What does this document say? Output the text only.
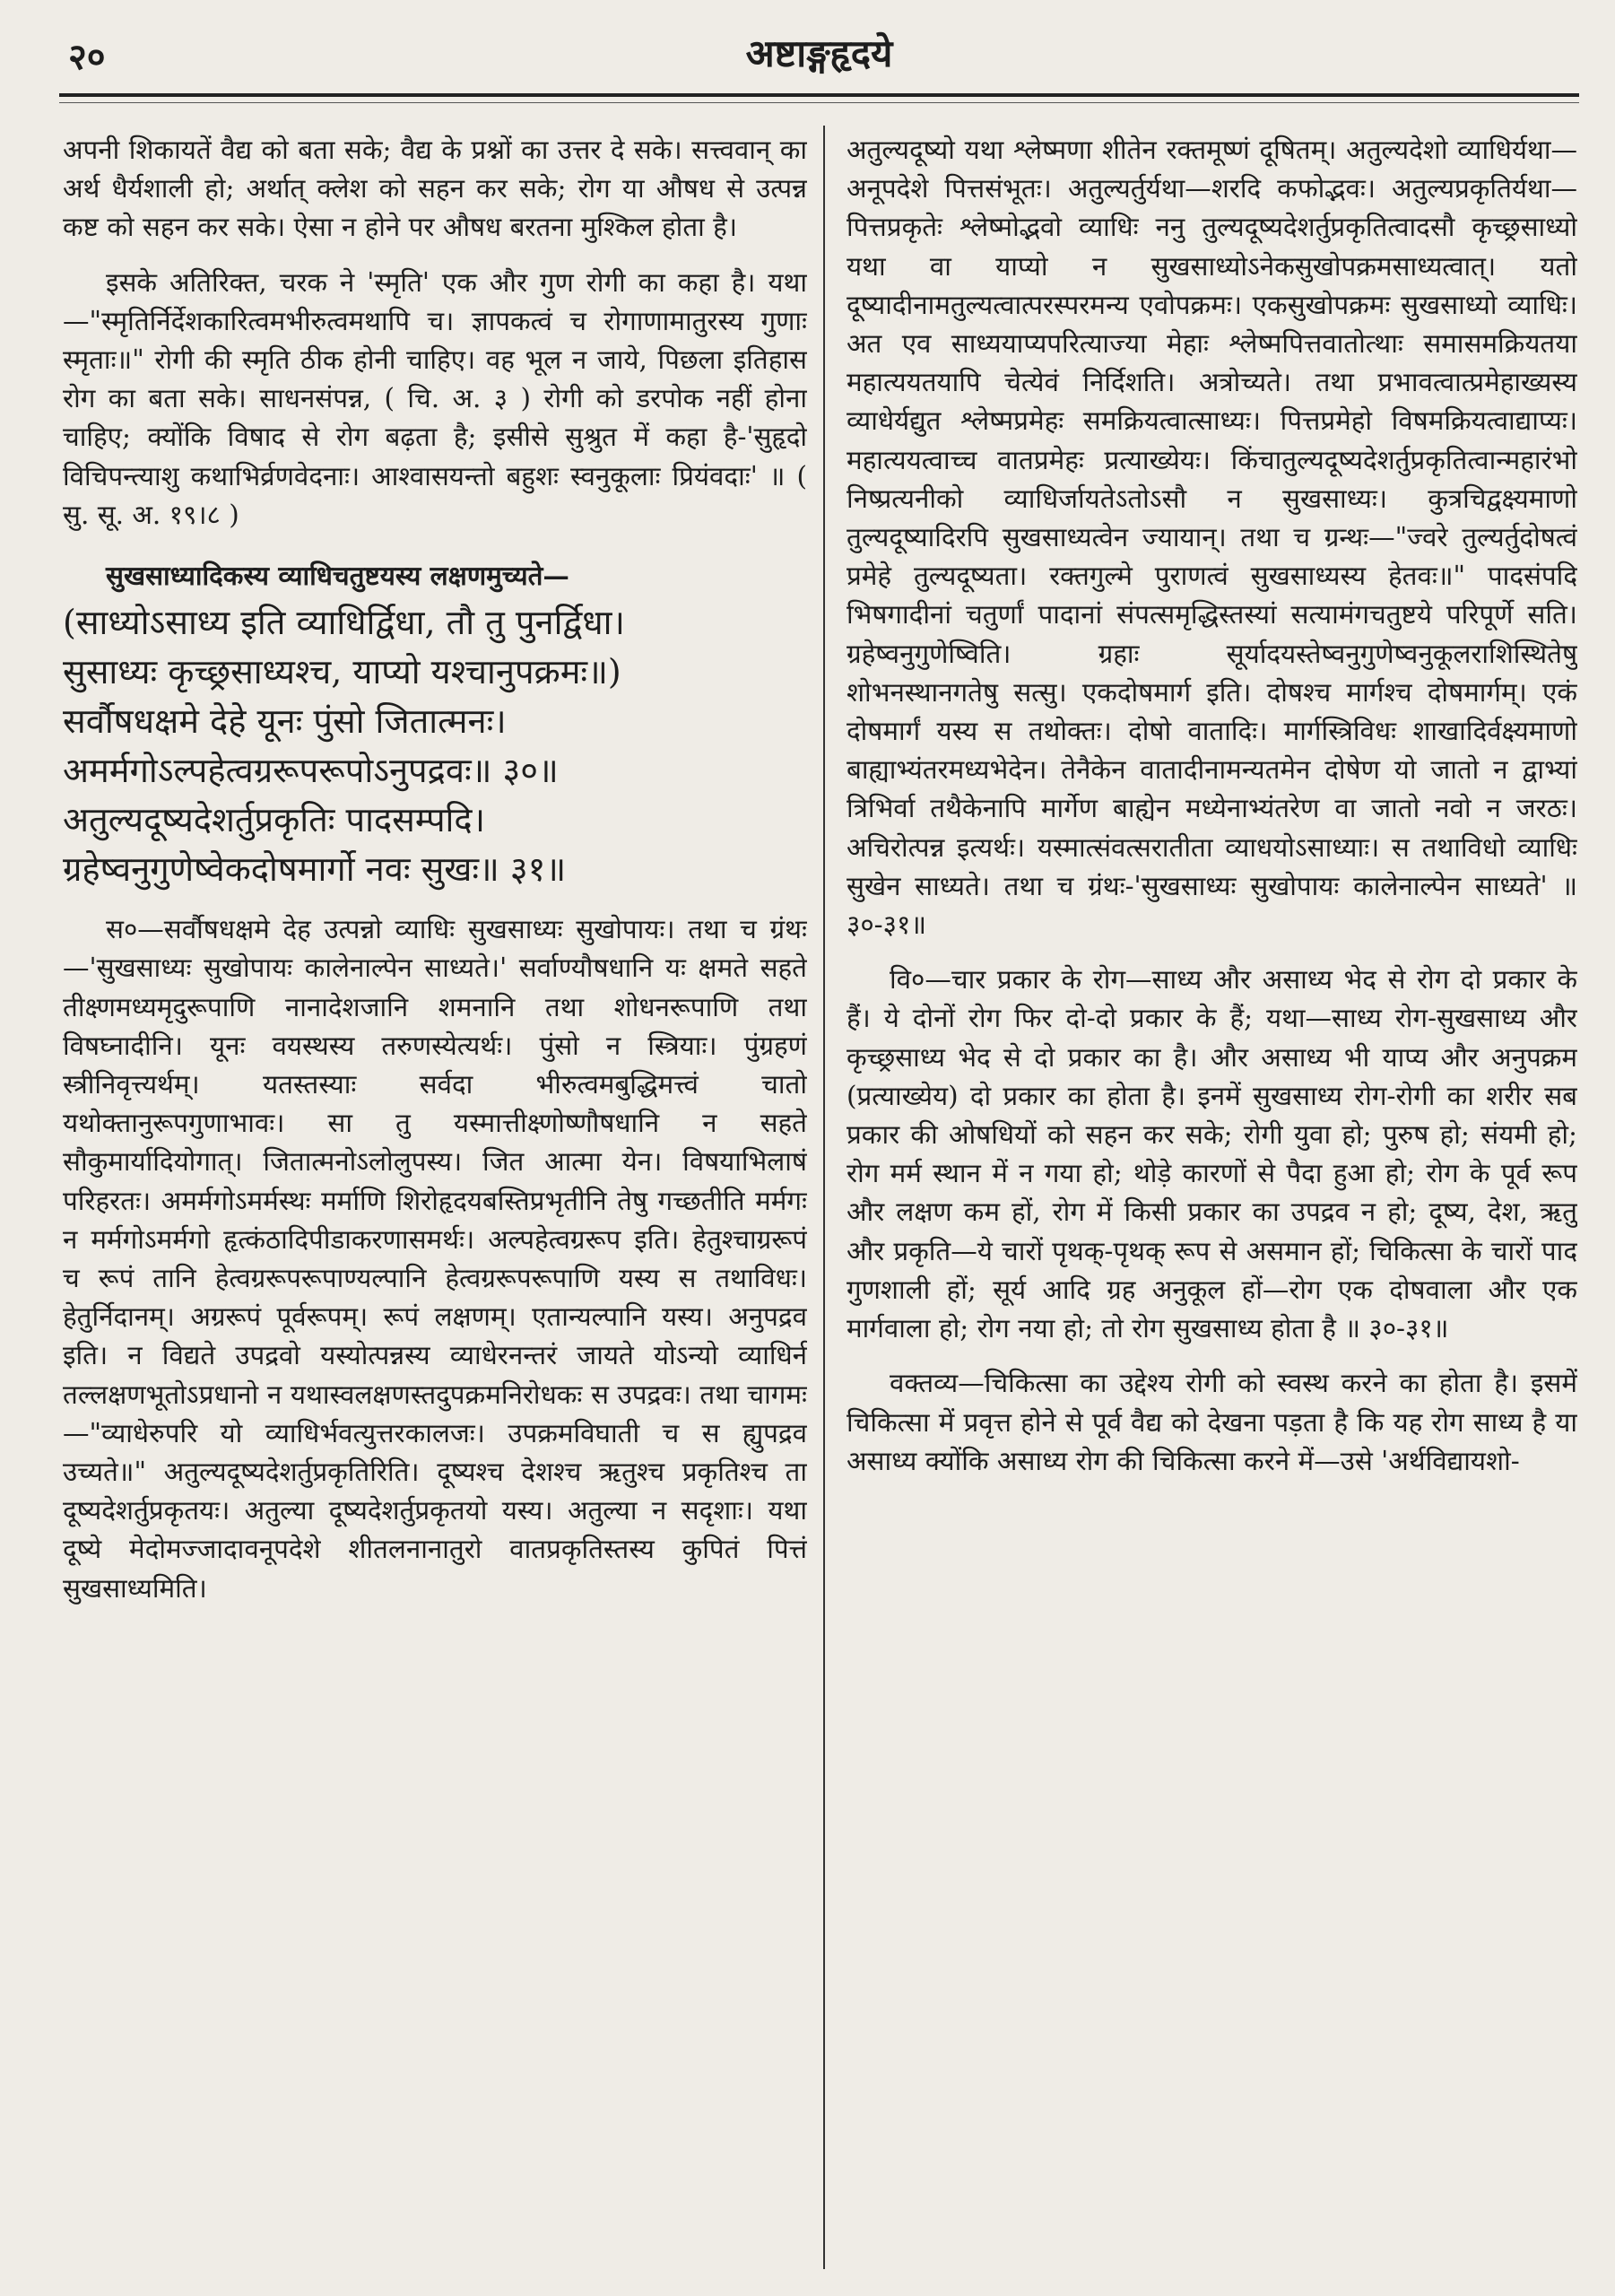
२०	अष्टाङ्गहृदये

अपनी शिकायतें वैद्य को बता सके; वैद्य के प्रश्नों का उत्तर दे सके। सत्त्ववान् का अर्थ धैर्यशाली हो; अर्थात् क्लेश को सहन कर सके; रोग या औषध से उत्पन्न कष्ट को सहन कर सके। ऐसा न होने पर औषध बरतना मुश्किल होता है।

इसके अतिरिक्त, चरक ने 'स्मृति' एक और गुण रोगी का कहा है। यथा—"स्मृतिर्निर्देशकारित्वमभीरुत्वमथापि च। ज्ञापकत्वं च रोगाणामातुरस्य गुणाः स्मृताः॥" रोगी की स्मृति ठीक होनी चाहिए। वह भूल न जाये, पिछला इतिहास रोग का बता सके। साधनसंपन्न, ( चि. अ. ३ ) रोगी को डरपोक नहीं होना चाहिए; क्योंकि विषाद से रोग बढ़ता है; इसीसे सुश्रुत में कहा है-'सुहृदो विचिपन्त्याशु कथाभिर्व्रणवेदनाः। आश्वासयन्तो बहुशः स्वनुकूलाः प्रियंवदाः' ॥ ( सु. सू. अ. १९।८ )

सुखसाध्यादिकस्य व्याधिचतुष्टयस्य लक्षणमुच्यते—

(साध्योऽसाध्य इति व्याधिर्द्विधा, तौ तु पुनर्द्विधा।
सुसाध्यः कृच्छ्रसाध्यश्च, याप्यो यश्चानुपक्रमः॥)
सर्वौषधक्षमे देहे यूनः पुंसो जितात्मनः।
अमर्मगोऽल्पहेत्वग्ररूपरूपोऽनुपद्रवः॥ ३०॥
अतुल्यदूष्यदेशर्तुप्रकृतिः पादसम्पदि।
ग्रहेष्वनुगुणेष्वेकदोषमार्गो नवः सुखः॥ ३१॥

स०—सर्वौषधक्षमे देह उत्पन्नो व्याधिः सुखसाध्यः सुखोपायः। तथा च ग्रंथः—'सुखसाध्यः सुखोपायः कालेनाल्पेन साध्यते।' सर्वाण्यौषधानि यः क्षमते सहते तीक्ष्णमध्यमृदुरूपाणि नानादेशजानि शमनानि तथा शोधनरूपाणि तथा विषघ्नादीनि। यूनः वयस्थस्य तरुणस्येत्यर्थः। पुंसो न स्त्रियाः। पुंग्रहणं स्त्रीनिवृत्त्यर्थम्। यतस्तस्याः सर्वदा भीरुत्वमबुद्धिमत्त्वं चातो यथोक्तानुरूपगुणाभावः। सा तु यस्मात्तीक्ष्णोष्णौषधानि न सहते सौकुमार्यादियोगात्। जितात्मनोऽलोलुपस्य। जित आत्मा येन। विषयाभिलाषं परिहरतः। अमर्मगोऽमर्मस्थः मर्माणि शिरोहृदयबस्तिप्रभृतीनि तेषु गच्छतीति मर्मगः न मर्मगोऽमर्मगो हृत्कंठादिपीडाकरणासमर्थः। अल्पहेत्वग्ररूप इति। हेतुश्चाग्ररूपं च रूपं तानि हेत्वग्ररूपरूपाण्यल्पानि हेत्वग्ररूपरूपाणि यस्य स तथाविधः। हेतुर्निदानम्। अग्ररूपं पूर्वरूपम्। रूपं लक्षणम्। एतान्यल्पानि यस्य। अनुपद्रव इति। न विद्यते उपद्रवो यस्योत्पन्नस्य व्याधेरनन्तरं जायते योऽन्यो व्याधिर्न तल्लक्षणभूतोऽप्रधानो न यथास्वलक्षणस्तदुपक्रमनिरोधकः स उपद्रवः। तथा चागमः—"व्याधेरुपरि यो व्याधिर्भवत्युत्तरकालजः। उपक्रमविघाती च स ह्युपद्रव उच्यते॥" अतुल्यदूष्यदेशर्तुप्रकृतिरिति। दूष्यश्च देशश्च ऋतुश्च प्रकृतिश्च ता दूष्यदेशर्तुप्रकृतयः। अतुल्या दूष्यदेशर्तुप्रकृतयो यस्य। अतुल्या न सदृशाः। यथा दूष्ये मेदोमज्जादावनूपदेशे शीतलनानातुरो वातप्रकृतिस्तस्य कुपितं पित्तं सुखसाध्यमिति।

अतुल्यदूष्यो यथा श्लेष्मणा शीतेन रक्तमूष्णं दूषितम्। अतुल्यदेशो व्याधिर्यथा—अनूपदेशे पित्तसंभूतः। अतुल्यर्तुर्यथा—शरदि कफोद्भवः। अतुल्यप्रकृतिर्यथा—पित्तप्रकृतेः श्लेष्मोद्भवो व्याधिः ननु तुल्यदूष्यदेशर्तुप्रकृतित्वादसौ कृच्छ्रसाध्यो यथा वा याप्यो न सुखसाध्योऽनेकसुखोपक्रमसाध्यत्वात्। यतो दूष्यादीनामतुल्यत्वात्परस्परमन्य एवोपक्रमः। एकसुखोपक्रमः सुखसाध्यो व्याधिः। अत एव साध्ययाप्यपरित्याज्या मेहाः श्लेष्मपित्तवातोत्थाः समासमक्रियतया महात्ययतयापि चेत्येवं निर्दिशति। अत्रोच्यते। तथा प्रभावत्वात्प्रमेहाख्यस्य व्याधेर्यद्युत श्लेष्मप्रमेहः समक्रियत्वात्साध्यः। पित्तप्रमेहो विषमक्रियत्वाद्याप्यः। महात्ययत्वाच्च वातप्रमेहः प्रत्याख्येयः। किंचातुल्यदूष्यदेशर्तुप्रकृतित्वान्महारंभो निष्प्रत्यनीको व्याधिर्जायतेऽतोऽसौ न सुखसाध्यः। कुत्रचिद्वक्ष्यमाणो तुल्यदूष्यादिरपि सुखसाध्यत्वेन ज्यायान्। तथा च ग्रन्थः—"ज्वरे तुल्यर्तुदोषत्वं प्रमेहे तुल्यदूष्यता। रक्तगुल्मे पुराणत्वं सुखसाध्यस्य हेतवः॥" पादसंपदि भिषगादीनां चतुर्णां पादानां संपत्समृद्धिस्तस्यां सत्यामंगचतुष्टये परिपूर्णे सति। ग्रहेष्वनुगुणेष्विति। ग्रहाः सूर्यादयस्तेष्वनुगुणेष्वनुकूलराशिस्थितेषु शोभनस्थानगतेषु सत्सु। एकदोषमार्ग इति। दोषश्च मार्गश्च दोषमार्गम्। एकं दोषमार्गं यस्य स तथोक्तः। दोषो वातादिः। मार्गस्त्रिविधः शाखादिर्वक्ष्यमाणो बाह्याभ्यंतरमध्यभेदेन। तेनैकेन वातादीनामन्यतमेन दोषेण यो जातो न द्वाभ्यां त्रिभिर्वा तथैकेनापि मार्गेण बाह्येन मध्येनाभ्यंतरेण वा जातो नवो न जरठः। अचिरोत्पन्न इत्यर्थः। यस्मात्संवत्सरातीता व्याधयोऽसाध्याः। स तथाविधो व्याधिः सुखेन साध्यते। तथा च ग्रंथः-'सुखसाध्यः सुखोपायः कालेनाल्पेन साध्यते' ॥ ३०-३१॥

वि०—चार प्रकार के रोग—साध्य और असाध्य भेद से रोग दो प्रकार के हैं। ये दोनों रोग फिर दो-दो प्रकार के हैं; यथा—साध्य रोग-सुखसाध्य और कृच्छ्रसाध्य भेद से दो प्रकार का है। और असाध्य भी याप्य और अनुपक्रम (प्रत्याख्येय) दो प्रकार का होता है। इनमें सुखसाध्य रोग-रोगी का शरीर सब प्रकार की ओषधियों को सहन कर सके; रोगी युवा हो; पुरुष हो; संयमी हो; रोग मर्म स्थान में न गया हो; थोड़े कारणों से पैदा हुआ हो; रोग के पूर्व रूप और लक्षण कम हों, रोग में किसी प्रकार का उपद्रव न हो; दूष्य, देश, ऋतु और प्रकृति—ये चारों पृथक्-पृथक् रूप से असमान हों; चिकित्सा के चारों पाद गुणशाली हों; सूर्य आदि ग्रह अनुकूल हों—रोग एक दोषवाला और एक मार्गवाला हो; रोग नया हो; तो रोग सुखसाध्य होता है ॥ ३०-३१॥

वक्तव्य—चिकित्सा का उद्देश्य रोगी को स्वस्थ करने का होता है। इसमें चिकित्सा में प्रवृत्त होने से पूर्व वैद्य को देखना पड़ता है कि यह रोग साध्य है या असाध्य क्योंकि असाध्य रोग की चिकित्सा करने में—उसे 'अर्थविद्यायशो-
